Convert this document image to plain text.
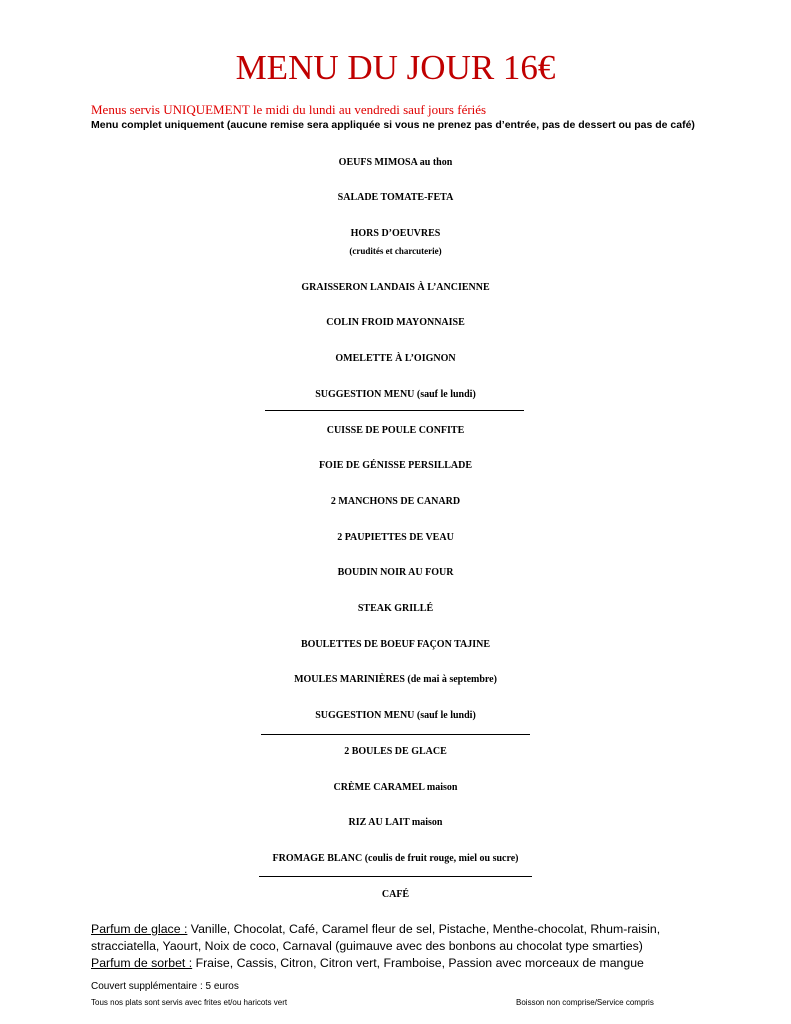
MENU DU JOUR 16€
Menus servis UNIQUEMENT le midi du lundi au vendredi sauf jours fériés
Menu complet uniquement (aucune remise sera appliquée si vous ne prenez pas d’entrée, pas de dessert ou pas de café)
OEUFS MIMOSA au thon
SALADE TOMATE-FETA
HORS D’OEUVRES
(crudités et charcuterie)
GRAISSERON LANDAIS À L’ANCIENNE
COLIN FROID MAYONNAISE
OMELETTE À L’OIGNON
SUGGESTION MENU (sauf le lundi)
CUISSE DE POULE CONFITE
FOIE DE GÉNISSE PERSILLADE
2 MANCHONS DE CANARD
2 PAUPIETTES DE VEAU
BOUDIN NOIR AU FOUR
STEAK GRILLÉ
BOULETTES DE BOEUF FAÇON TAJINE
MOULES MARINIÈRES (de mai à septembre)
SUGGESTION MENU (sauf le lundi)
2 BOULES DE GLACE
CRÈME CARAMEL maison
RIZ AU LAIT maison
FROMAGE BLANC (coulis de fruit rouge, miel ou sucre)
CAFÉ
Parfum de glace : Vanille, Chocolat, Café, Caramel fleur de sel, Pistache, Menthe-chocolat, Rhum-raisin, stracciatella, Yaourt, Noix de coco, Carnaval (guimauve avec des bonbons au chocolat type smarties)
Parfum de sorbet : Fraise, Cassis, Citron, Citron vert, Framboise, Passion avec morceaux de mangue
Couvert supplémentaire : 5 euros
Tous nos plats sont servis avec frites et/ou haricots vert	Boisson non comprise/Service compris
